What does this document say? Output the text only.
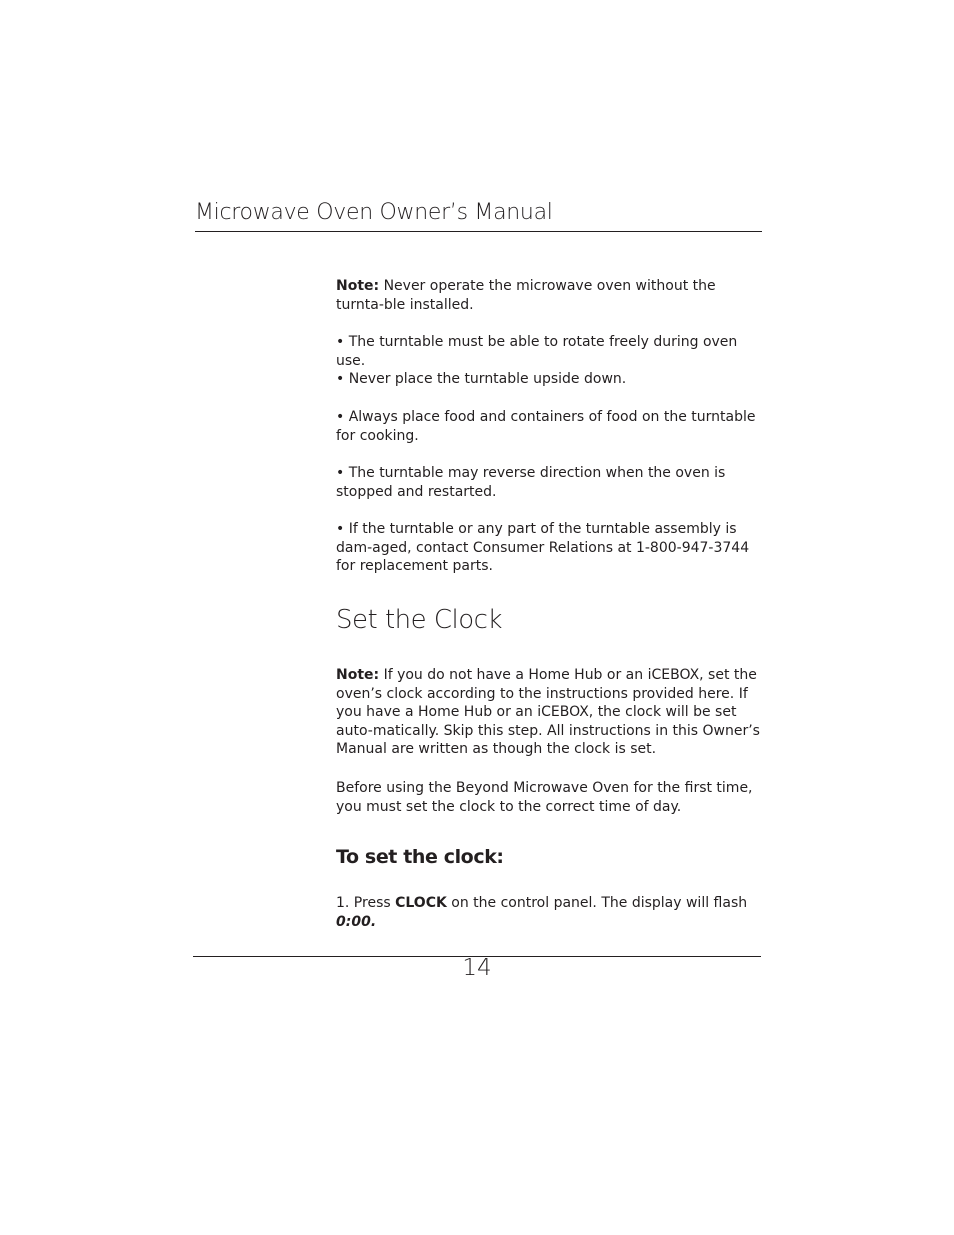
Microwave Oven Owner’s Manual

Note: Never operate the microwave oven without the turnta-ble installed.

• The turntable must be able to rotate freely during oven use.

• Never place the turntable upside down.

• Always place food and containers of food on the turntable for cooking.

• The turntable may reverse direction when the oven is stopped and restarted.

• If the turntable or any part of the turntable assembly is dam-aged, contact Consumer Relations at 1-800-947-3744 for replacement parts.

Set the Clock

Note: If you do not have a Home Hub or an iCEBOX, set the oven’s clock according to the instructions provided here. If you have a Home Hub or an iCEBOX, the clock will be set auto-matically. Skip this step. All instructions in this Owner’s Manual are written as though the clock is set.

Before using the Beyond Microwave Oven for the first time, you must set the clock to the correct time of day.

To set the clock:

1. Press CLOCK on the control panel. The display will flash 0:00.

14
